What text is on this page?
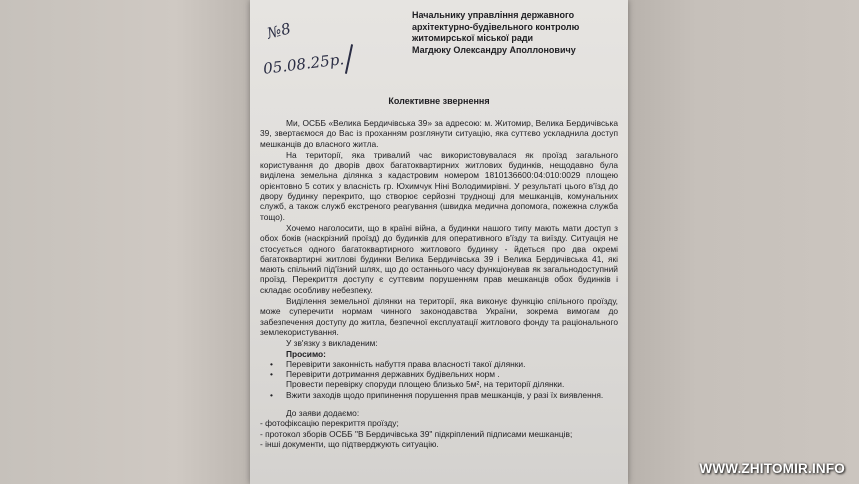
№8
05.08.25р.
Начальнику управління державного
архітектурно-будівельного контролю
житомирської міської ради
Магдюку Олександру Аполлоновичу
Колективне звернення

Ми, ОСББ «Велика Бердичівська 39» за адресою: м. Житомир, Велика Бердичівська 39, звертаємося до Вас із проханням розглянути ситуацію, яка суттєво ускладнила доступ мешканців до власного житла.

На території, яка тривалий час використовувалася як проїзд загального користування до дворів двох багатоквартирних житлових будинків, нещодавно була виділена земельна ділянка з кадастровим номером 1810136600:04:010:0029 площею орієнтовно 5 сотих у власність гр. Юхимчук Ніні Володимирівні. У результаті цього в'їзд до двору будинку перекрито, що створює серйозні труднощі для мешканців, комунальних служб, а також служб екстреного реагування (швидка медична допомога, пожежна служба тощо).

Хочемо наголосити, що в країні війна, а будинки нашого типу мають мати доступ з обох боків (наскрізний проїзд) до будинків для оперативного в'їзду та виїзду. Ситуація не стосується одного багатоквартирного житлового будинку - йдеться про два окремі багатоквартирні житлові будинки Велика Бердичівська 39 і Велика Бердичівська 41, які мають спільний під'їзний шлях, що до останнього часу функціонував як загальнодоступний проїзд. Перекриття доступу є суттєвим порушенням прав мешканців обох будинків і складає особливу небезпеку.

Виділення земельної ділянки на території, яка виконує функцію спільного проїзду, може суперечити нормам чинного законодавства України, зокрема вимогам до забезпечення доступу до житла, безпечної експлуатації житлового фонду та раціонального землекористування.

У зв'язку з викладеним:
Просимо:
• Перевірити законність набуття права власності такої ділянки.
• Перевірити дотримання державних будівельних норм .
Провести перевірку споруди площею близько 5м², на території ділянки.
• Вжити заходів щодо припинення порушення прав мешканців, у разі їх виявлення.
До заяви додаємо:
- фотофіксацію перекриття проїзду;
- протокол зборів ОСББ "В Бердичівська 39" підкріплений підписами мешканців;
- інші документи, що підтверджують ситуацію.
WWW.ZHITOMIR.INFO
